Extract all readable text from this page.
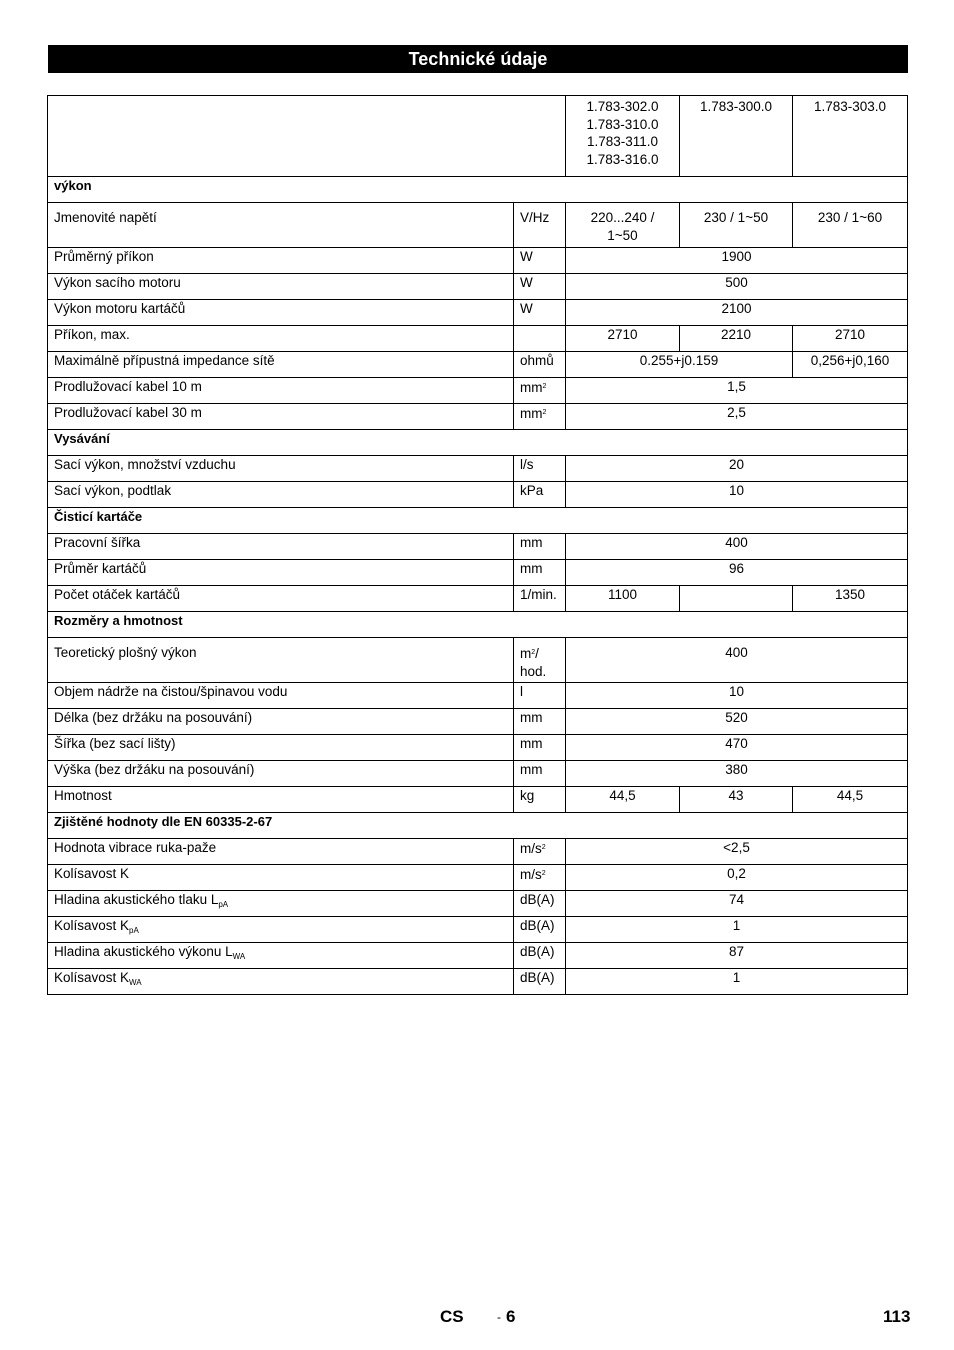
Technické údaje
		1.783-302.0
1.783-310.0
1.783-311.0
1.783-316.0	1.783-300.0	1.783-303.0
výkon				
Jmenovité napětí	V/Hz	220...240 /
1~50	230 / 1~50	230 / 1~60
Průměrný příkon	W	1900		
Výkon sacího motoru	W	500		
Výkon motoru kartáčů	W	2100		
Příkon, max.		2710	2210	2710
Maximálně přípustná impedance sítě	ohmů	0.255+j0.159		0,256+j0,160
Prodlužovací kabel 10 m	$mm^2$	1,5		
Prodlužovací kabel 30 m	$mm^2$	2,5		
Vysávání				
Sací výkon, množství vzduchu	l/s	20		
Sací výkon, podtlak	kPa	10		
Čisticí kartáče				
Pracovní šířka	mm	400		
Průměr kartáčů	mm	96		
Počet otáček kartáčů	1/min.	1100		1350
Rozměry a hmotnost				
Teoretický plošný výkon	$m^2/$
hod.	400		
Objem nádrže na čistou/špinavou vodu	l	10		
Délka (bez držáku na posouvání)	mm	520		
Šířka (bez sací lišty)	mm	470		
Výška (bez držáku na posouvání)	mm	380		
Hmotnost	kg	44,5	43	44,5
Zjištěné hodnoty dle EN 60335-2-67				
Hodnota vibrace ruka-paže	$m/s^2$	<2,5		
Kolísavost K	$m/s^2$	0,2		
Hladina akustického tlaku $L_{pA}$	dB(A)	74		
Kolísavost $K_{pA}$	dB(A)	1		
Hladina akustického výkonu $L_{WA}$	dB(A)	87		
Kolísavost $K_{WA}$	dB(A)	1		
CS	- 6	113
